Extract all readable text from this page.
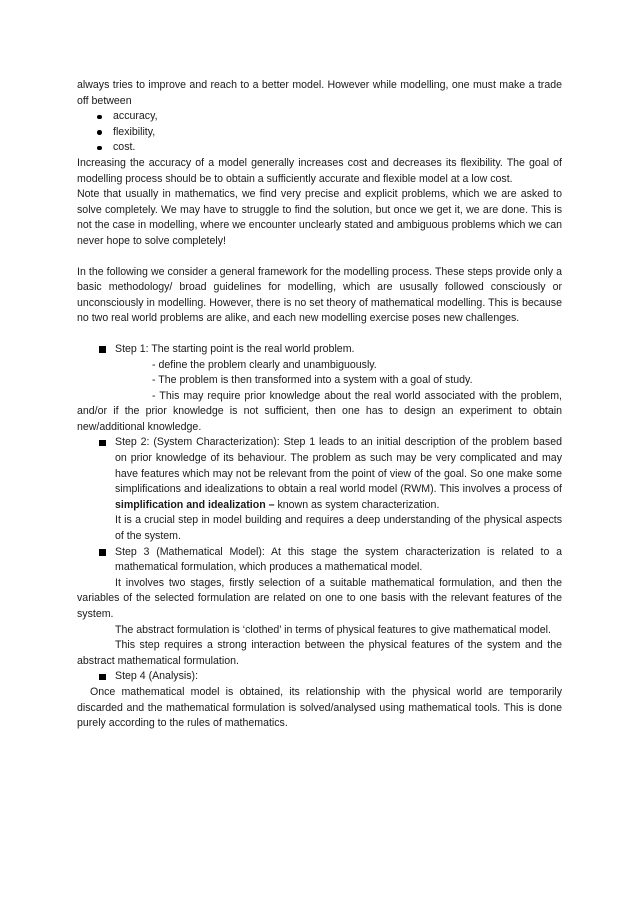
always tries to improve and reach to a better model. However while modelling, one must make a trade off between

accuracy,
flexibility,
cost.

Increasing the accuracy of a model generally increases cost and decreases its flexibility. The goal of modelling process should be to obtain a sufficiently accurate and flexible model at a low cost.

Note that usually in mathematics, we find very precise and explicit problems, which we are asked to solve completely. We may have to struggle to find the solution, but once we get it, we are done. This is not the case in modelling, where we encounter unclearly stated and ambiguous problems which we can never hope to solve completely!

In the following we consider a general framework for the modelling process. These steps provide only a basic methodology/ broad guidelines for modelling, which are ususally followed consciously or unconsciously in modelling. However, there is no set theory of mathematical modelling. This is because no two real world problems are alike, and each new modelling exercise poses new challenges.

Step 1: The starting point is the real world problem.

- define the problem clearly and unambiguously.

- The problem is then transformed into a system with a goal of study.

- This may require prior knowledge about the real world associated with the problem, and/or if the prior knowledge is not sufficient, then one has to design an experiment to obtain new/additional knowledge.

Step 2: (System Characterization): Step 1 leads to an initial description of the problem based on prior knowledge of its behaviour. The problem as such may be very complicated and may have features which may not be relevant from the point of view of the goal. So one make some simplifications and idealizations to obtain a real world model (RWM). This involves a process of simplification and idealization – known as system characterization.

It is a crucial step in model building and requires a deep understanding of the physical aspects of the system.

Step 3 (Mathematical Model): At this stage the system characterization is related to a mathematical formulation, which produces a mathematical model.

It involves two stages, firstly selection of a suitable mathematical formulation, and then the variables of the selected formulation are related on one to one basis with the relevant features of the system.

The abstract formulation is ‘clothed’ in terms of physical features to give mathematical model.

This step requires a strong interaction between the physical features of the system and the abstract mathematical formulation.

Step 4 (Analysis):

Once mathematical model is obtained, its relationship with the physical world are temporarily discarded and the mathematical formulation is solved/analysed using mathematical tools. This is done purely according to the rules of mathematics.
